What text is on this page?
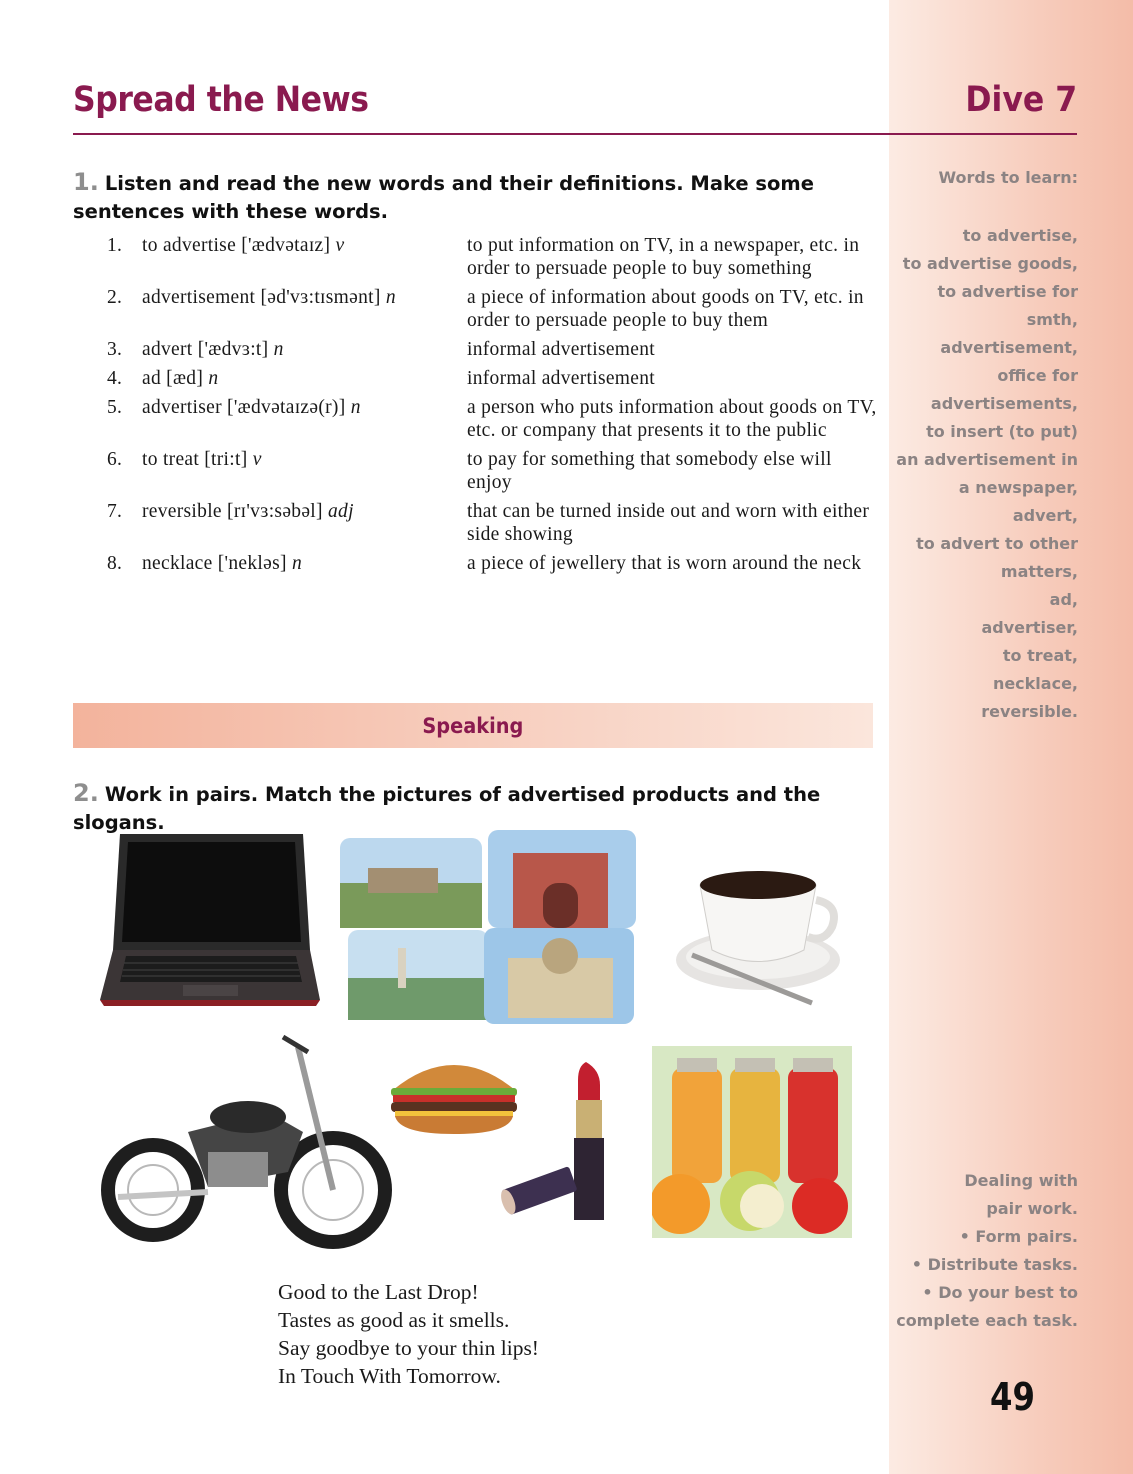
Spread the News	Dive 7
1. Listen and read the new words and their definitions. Make some sentences with these words.
1.	to advertise ['ædvətaɪz] v	to put information on TV, in a newspaper, etc. in order to persuade people to buy something
2.	advertisement [əd'vɜ:tɪsmənt] n	a piece of information about goods on TV, etc. in order to persuade people to buy them
3.	advert ['ædvɜ:t] n	informal advertisement
4.	ad [æd] n	informal advertisement
5.	advertiser ['ædvətaɪzə(r)] n	a person who puts information about goods on TV, etc. or company that presents it to the public
6.	to treat [tri:t] v	to pay for something that somebody else will enjoy
7.	reversible [rɪ'vɜ:səbəl] adj	that can be turned inside out and worn with either side showing
8.	necklace ['nekləs] n	a piece of jewellery that is worn around the neck
Speaking
2. Work in pairs. Match the pictures of advertised products and the slogans.
Good to the Last Drop!
Tastes as good as it smells.
Say goodbye to your thin lips!
In Touch With Tomorrow.
Words to learn:
to advertise,
to advertise goods,
to advertise for
smth,
advertisement,
office for
advertisements,
to insert (to put)
an advertisement in
a newspaper,
advert,
to advert to other
matters,
ad,
advertiser,
to treat,
necklace,
reversible.
Dealing with
pair work.
• Form pairs.
• Distribute tasks.
• Do your best to
complete each task.
49
